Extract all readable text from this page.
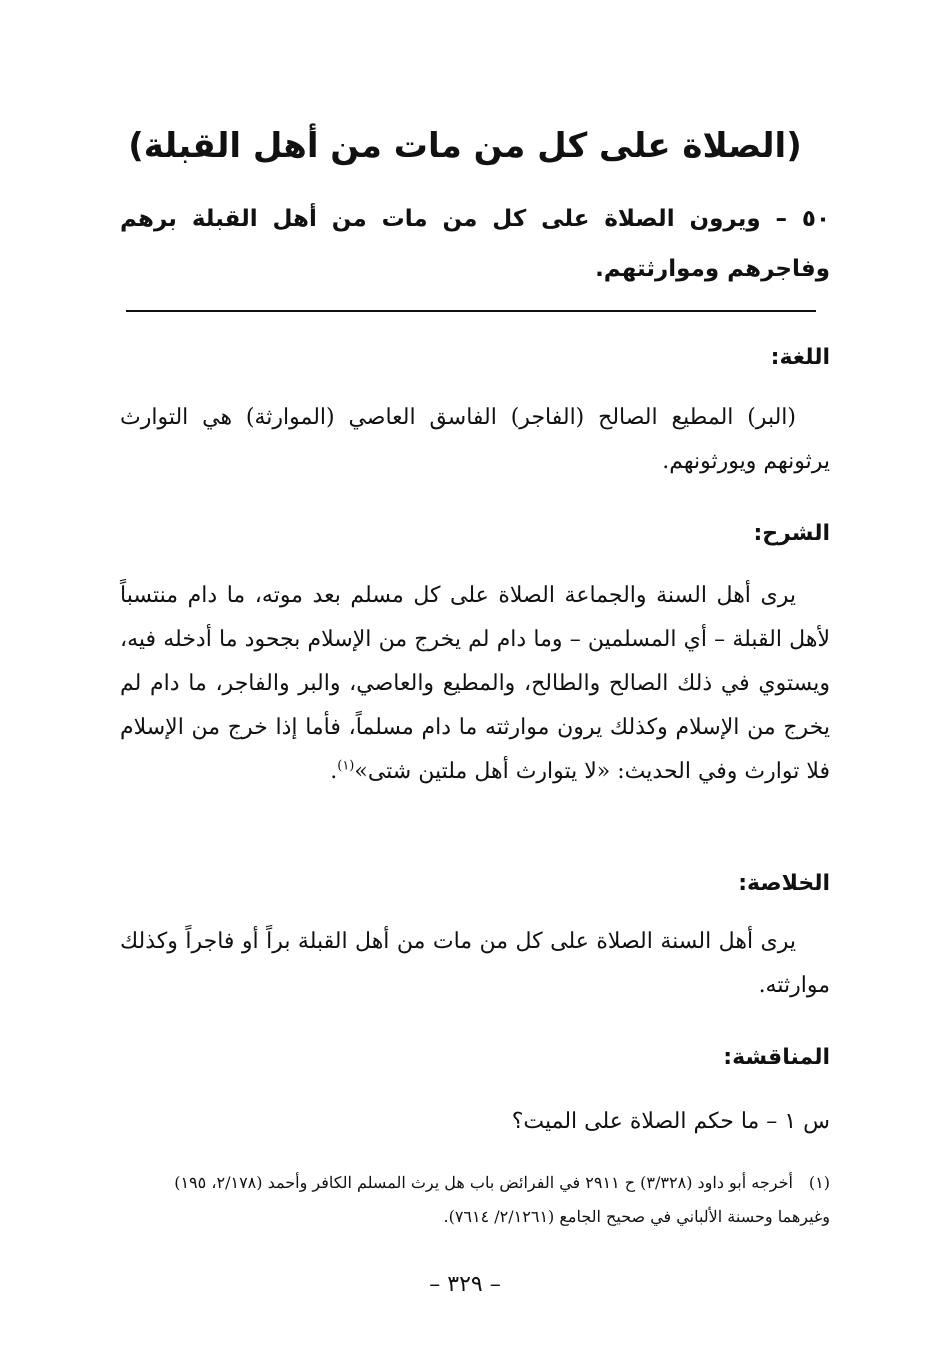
(الصلاة على كل من مات من أهل القبلة)
٥٠ – ويرون الصلاة على كل من مات من أهل القبلة برهم وفاجرهم وموارثتهم.
اللغة:
(البر) المطيع الصالح (الفاجر) الفاسق العاصي (الموارثة) هي التوارث يرثونهم ويورثونهم.
الشرح:
يرى أهل السنة والجماعة الصلاة على كل مسلم بعد موته، ما دام منتسباً لأهل القبلة – أي المسلمين – وما دام لم يخرج من الإسلام بجحود ما أدخله فيه، ويستوي في ذلك الصالح والطالح، والمطيع والعاصي، والبر والفاجر، ما دام لم يخرج من الإسلام وكذلك يرون موارثته ما دام مسلماً، فأما إذا خرج من الإسلام فلا توارث وفي الحديث: «لا يتوارث أهل ملتين شتى»$^{(١)}$.
الخلاصة:
يرى أهل السنة الصلاة على كل من مات من أهل القبلة براً أو فاجراً وكذلك موارثته.
المناقشة:
س ١ – ما حكم الصلاة على الميت؟
(١)أخرجه أبو داود (٣/٣٢٨) ح ٢٩١١ في الفرائض باب هل يرث المسلم الكافر وأحمد (٢/١٧٨، ١٩٥) وغيرهما وحسنة الألباني في صحيح الجامع (٢/١٢٦١/ ٧٦١٤).
– ٣٢٩ –
